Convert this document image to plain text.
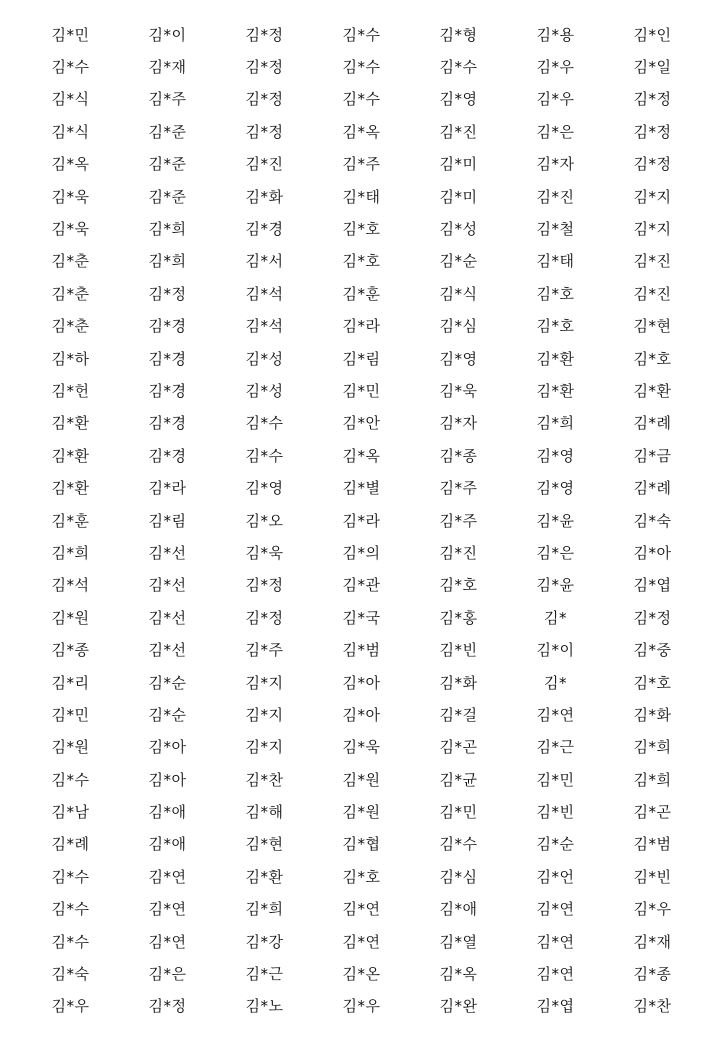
김*민	김*이	김*정	김*수	김*형	김*용	김*인
김*수	김*재	김*정	김*수	김*수	김*우	김*일
김*식	김*주	김*정	김*수	김*영	김*우	김*정
김*식	김*준	김*정	김*옥	김*진	김*은	김*정
김*옥	김*준	김*진	김*주	김*미	김*자	김*정
김*욱	김*준	김*화	김*태	김*미	김*진	김*지
김*욱	김*희	김*경	김*호	김*성	김*철	김*지
김*춘	김*희	김*서	김*호	김*순	김*태	김*진
김*춘	김*정	김*석	김*훈	김*식	김*호	김*진
김*춘	김*경	김*석	김*라	김*심	김*호	김*현
김*하	김*경	김*성	김*림	김*영	김*환	김*호
김*헌	김*경	김*성	김*민	김*욱	김*환	김*환
김*환	김*경	김*수	김*안	김*자	김*희	김*례
김*환	김*경	김*수	김*옥	김*종	김*영	김*금
김*환	김*라	김*영	김*별	김*주	김*영	김*례
김*훈	김*림	김*오	김*라	김*주	김*윤	김*숙
김*희	김*선	김*욱	김*의	김*진	김*은	김*아
김*석	김*선	김*정	김*관	김*호	김*윤	김*엽
김*원	김*선	김*정	김*국	김*홍	김*	김*정
김*종	김*선	김*주	김*범	김*빈	김*이	김*중
김*리	김*순	김*지	김*아	김*화	김*	김*호
김*민	김*순	김*지	김*아	김*걸	김*연	김*화
김*원	김*아	김*지	김*욱	김*곤	김*근	김*희
김*수	김*아	김*찬	김*원	김*균	김*민	김*희
김*남	김*애	김*해	김*원	김*민	김*빈	김*곤
김*례	김*애	김*현	김*협	김*수	김*순	김*범
김*수	김*연	김*환	김*호	김*심	김*언	김*빈
김*수	김*연	김*희	김*연	김*애	김*연	김*우
김*수	김*연	김*강	김*연	김*열	김*연	김*재
김*숙	김*은	김*근	김*온	김*옥	김*연	김*종
김*우	김*정	김*노	김*우	김*완	김*엽	김*찬
